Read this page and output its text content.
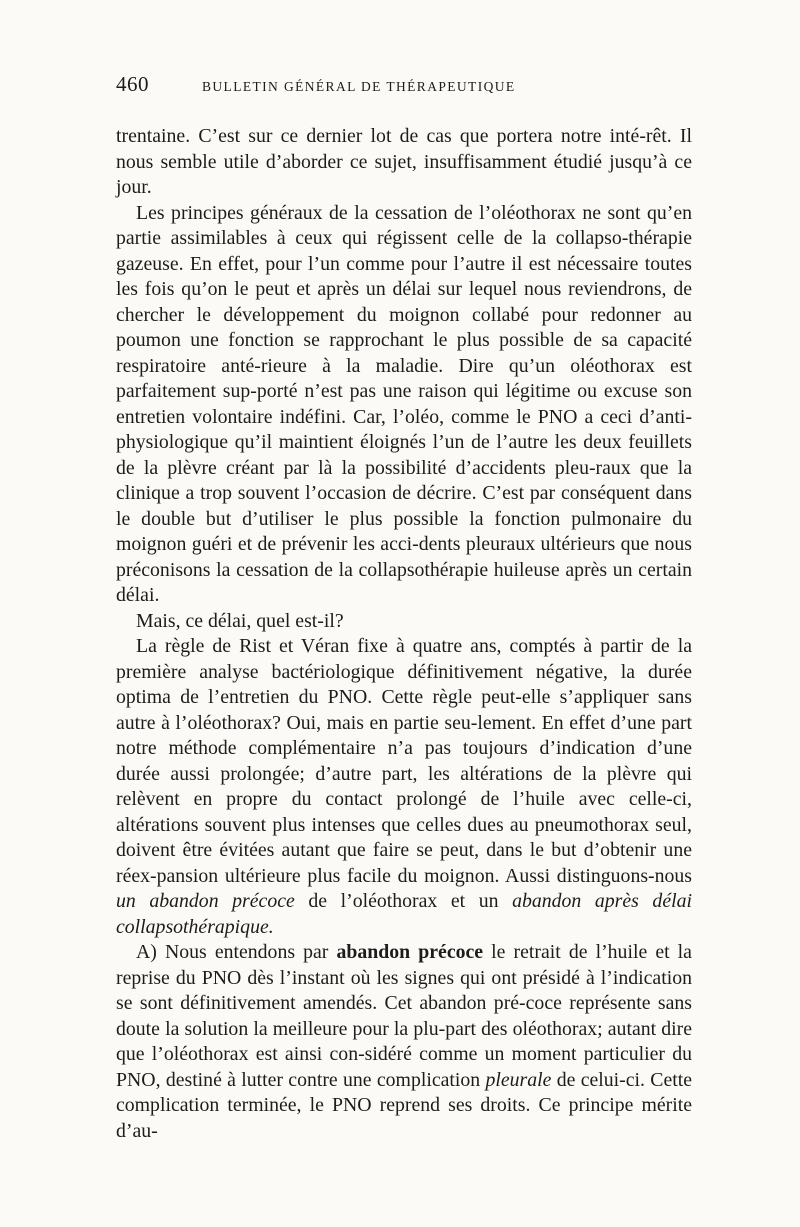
460	BULLETIN GÉNÉRAL DE THÉRAPEUTIQUE

trentaine. C’est sur ce dernier lot de cas que portera notre inté-rêt. Il nous semble utile d’aborder ce sujet, insuffisamment étudié jusqu’à ce jour.

Les principes généraux de la cessation de l’oléothorax ne sont qu’en partie assimilables à ceux qui régissent celle de la collapso-thérapie gazeuse. En effet, pour l’un comme pour l’autre il est nécessaire toutes les fois qu’on le peut et après un délai sur lequel nous reviendrons, de chercher le développement du moignon collabé pour redonner au poumon une fonction se rapprochant le plus possible de sa capacité respiratoire anté-rieure à la maladie. Dire qu’un oléothorax est parfaitement sup-porté n’est pas une raison qui légitime ou excuse son entretien volontaire indéfini. Car, l’oléo, comme le PNO a ceci d’anti-physiologique qu’il maintient éloignés l’un de l’autre les deux feuillets de la plèvre créant par là la possibilité d’accidents pleu-raux que la clinique a trop souvent l’occasion de décrire. C’est par conséquent dans le double but d’utiliser le plus possible la fonction pulmonaire du moignon guéri et de prévenir les acci-dents pleuraux ultérieurs que nous préconisons la cessation de la collapsothérapie huileuse après un certain délai.

Mais, ce délai, quel est-il?

La règle de Rist et Véran fixe à quatre ans, comptés à partir de la première analyse bactériologique définitivement négative, la durée optima de l’entretien du PNO. Cette règle peut-elle s’appliquer sans autre à l’oléothorax? Oui, mais en partie seu-lement. En effet d’une part notre méthode complémentaire n’a pas toujours d’indication d’une durée aussi prolongée; d’autre part, les altérations de la plèvre qui relèvent en propre du contact prolongé de l’huile avec celle-ci, altérations souvent plus intenses que celles dues au pneumothorax seul, doivent être évitées autant que faire se peut, dans le but d’obtenir une réex-pansion ultérieure plus facile du moignon. Aussi distinguons-nous un abandon précoce de l’oléothorax et un abandon après délai collapsothérapique.

A) Nous entendons par abandon précoce le retrait de l’huile et la reprise du PNO dès l’instant où les signes qui ont présidé à l’indication se sont définitivement amendés. Cet abandon pré-coce représente sans doute la solution la meilleure pour la plu-part des oléothorax; autant dire que l’oléothorax est ainsi con-sidéré comme un moment particulier du PNO, destiné à lutter contre une complication pleurale de celui-ci. Cette complication terminée, le PNO reprend ses droits. Ce principe mérite d’au-
